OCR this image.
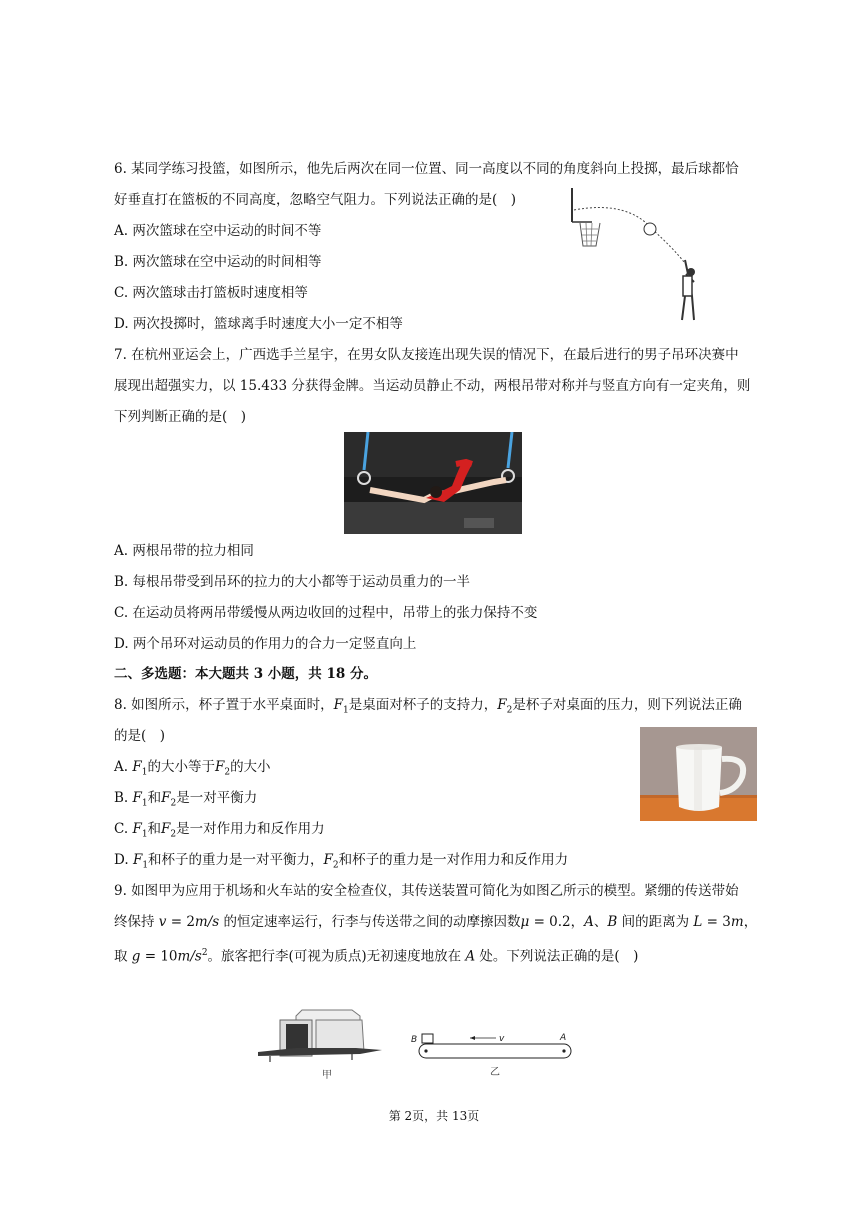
6. 某同学练习投篮，如图所示，他先后两次在同一位置、同一高度以不同的角度斜向上投掷，最后球都恰
好垂直打在篮板的不同高度，忽略空气阻力。下列说法正确的是(　)
A. 两次篮球在空中运动的时间不等
B. 两次篮球在空中运动的时间相等
C. 两次篮球击打篮板时速度相等
D. 两次投掷时，篮球离手时速度大小一定不相等
7. 在杭州亚运会上，广西选手兰星宇，在男女队友接连出现失误的情况下，在最后进行的男子吊环决赛中
展现出超强实力，以 15.433 分获得金牌。当运动员静止不动，两根吊带对称并与竖直方向有一定夹角，则
下列判断正确的是(　)
A. 两根吊带的拉力相同
B. 每根吊带受到吊环的拉力的大小都等于运动员重力的一半
C. 在运动员将两吊带缓慢从两边收回的过程中，吊带上的张力保持不变
D. 两个吊环对运动员的作用力的合力一定竖直向上
二、多选题：本大题共 3 小题，共 18 分。
8. 如图所示，杯子置于水平桌面时，$F_1$是桌面对杯子的支持力，$F_2$是杯子对桌面的压力，则下列说法正确
的是(　)
A. $F_1$的大小等于$F_2$的大小
B. $F_1$和$F_2$是一对平衡力
C. $F_1$和$F_2$是一对作用力和反作用力
D. $F_1$和杯子的重力是一对平衡力，$F_2$和杯子的重力是一对作用力和反作用力
9. 如图甲为应用于机场和火车站的安全检查仪，其传送装置可简化为如图乙所示的模型。紧绷的传送带始
终保持 v = 2m/s 的恒定速率运行，行李与传送带之间的动摩擦因数μ = 0.2，A、B 间的距离为 L = 3m，
取 $g = 10m/s^2$。旅客把行李(可视为质点)无初速度地放在 A 处。下列说法正确的是(　)
甲
B	A
v
乙
第 2页，共 13页
